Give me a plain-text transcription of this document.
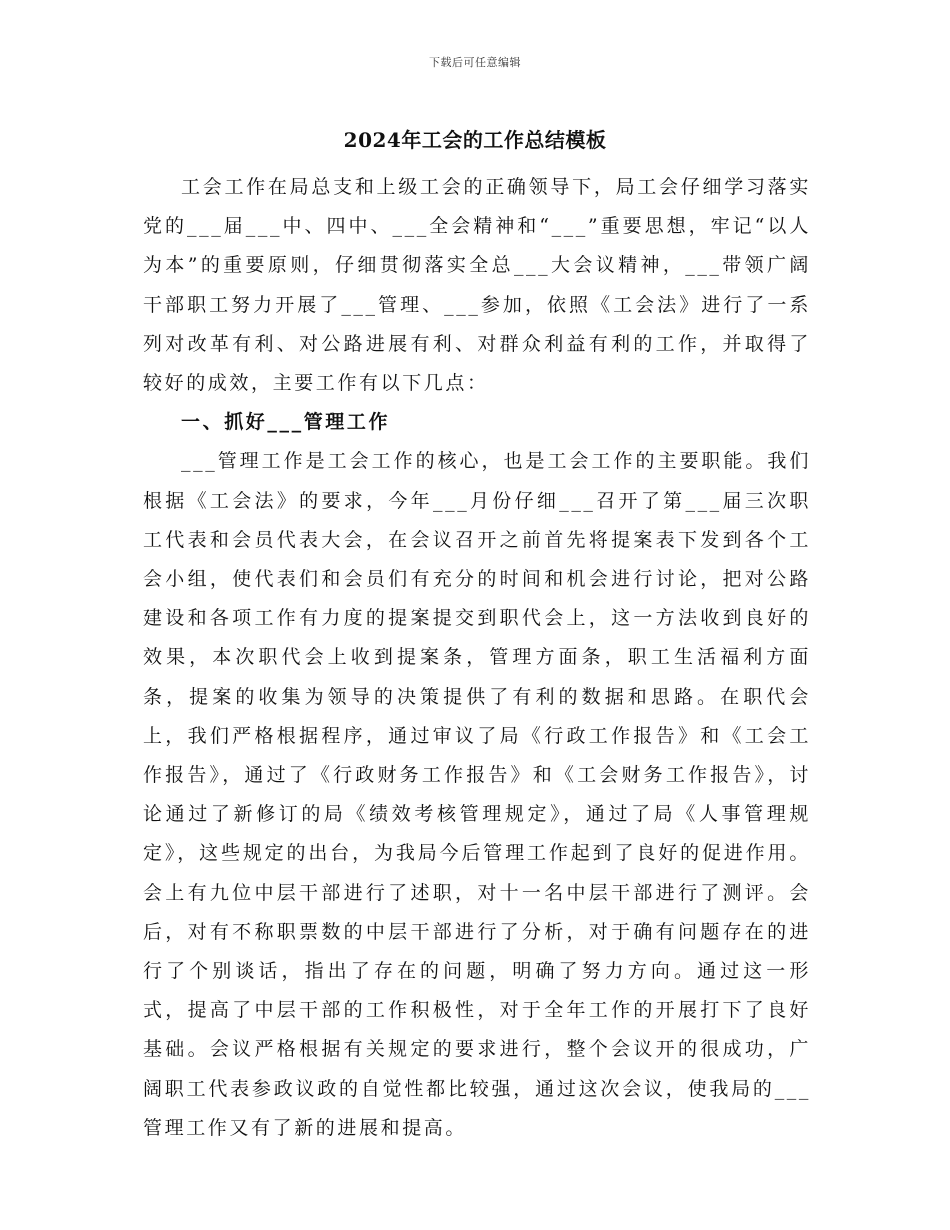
下载后可任意编辑
2024年工会的工作总结模板

工会工作在局总支和上级工会的正确领导下，局工会仔细学习落实党的___届___中、四中、___全会精神和“___”重要思想，牢记“以人为本”的重要原则，仔细贯彻落实全总___大会议精神，___带领广阔干部职工努力开展了___管理、___参加，依照《工会法》进行了一系列对改革有利、对公路进展有利、对群众利益有利的工作，并取得了较好的成效，主要工作有以下几点：

一、抓好___管理工作

___管理工作是工会工作的核心，也是工会工作的主要职能。我们根据《工会法》的要求，今年___月份仔细___召开了第___届三次职工代表和会员代表大会，在会议召开之前首先将提案表下发到各个工会小组，使代表们和会员们有充分的时间和机会进行讨论，把对公路建设和各项工作有力度的提案提交到职代会上，这一方法收到良好的效果，本次职代会上收到提案条，管理方面条，职工生活福利方面条，提案的收集为领导的决策提供了有利的数据和思路。在职代会上，我们严格根据程序，通过审议了局《行政工作报告》和《工会工作报告》，通过了《行政财务工作报告》和《工会财务工作报告》，讨论通过了新修订的局《绩效考核管理规定》，通过了局《人事管理规定》，这些规定的出台，为我局今后管理工作起到了良好的促进作用。会上有九位中层干部进行了述职，对十一名中层干部进行了测评。会后，对有不称职票数的中层干部进行了分析，对于确有问题存在的进行了个别谈话，指出了存在的问题，明确了努力方向。通过这一形式，提高了中层干部的工作积极性，对于全年工作的开展打下了良好基础。会议严格根据有关规定的要求进行，整个会议开的很成功，广阔职工代表参政议政的自觉性都比较强，通过这次会议，使我局的___管理工作又有了新的进展和提高。
